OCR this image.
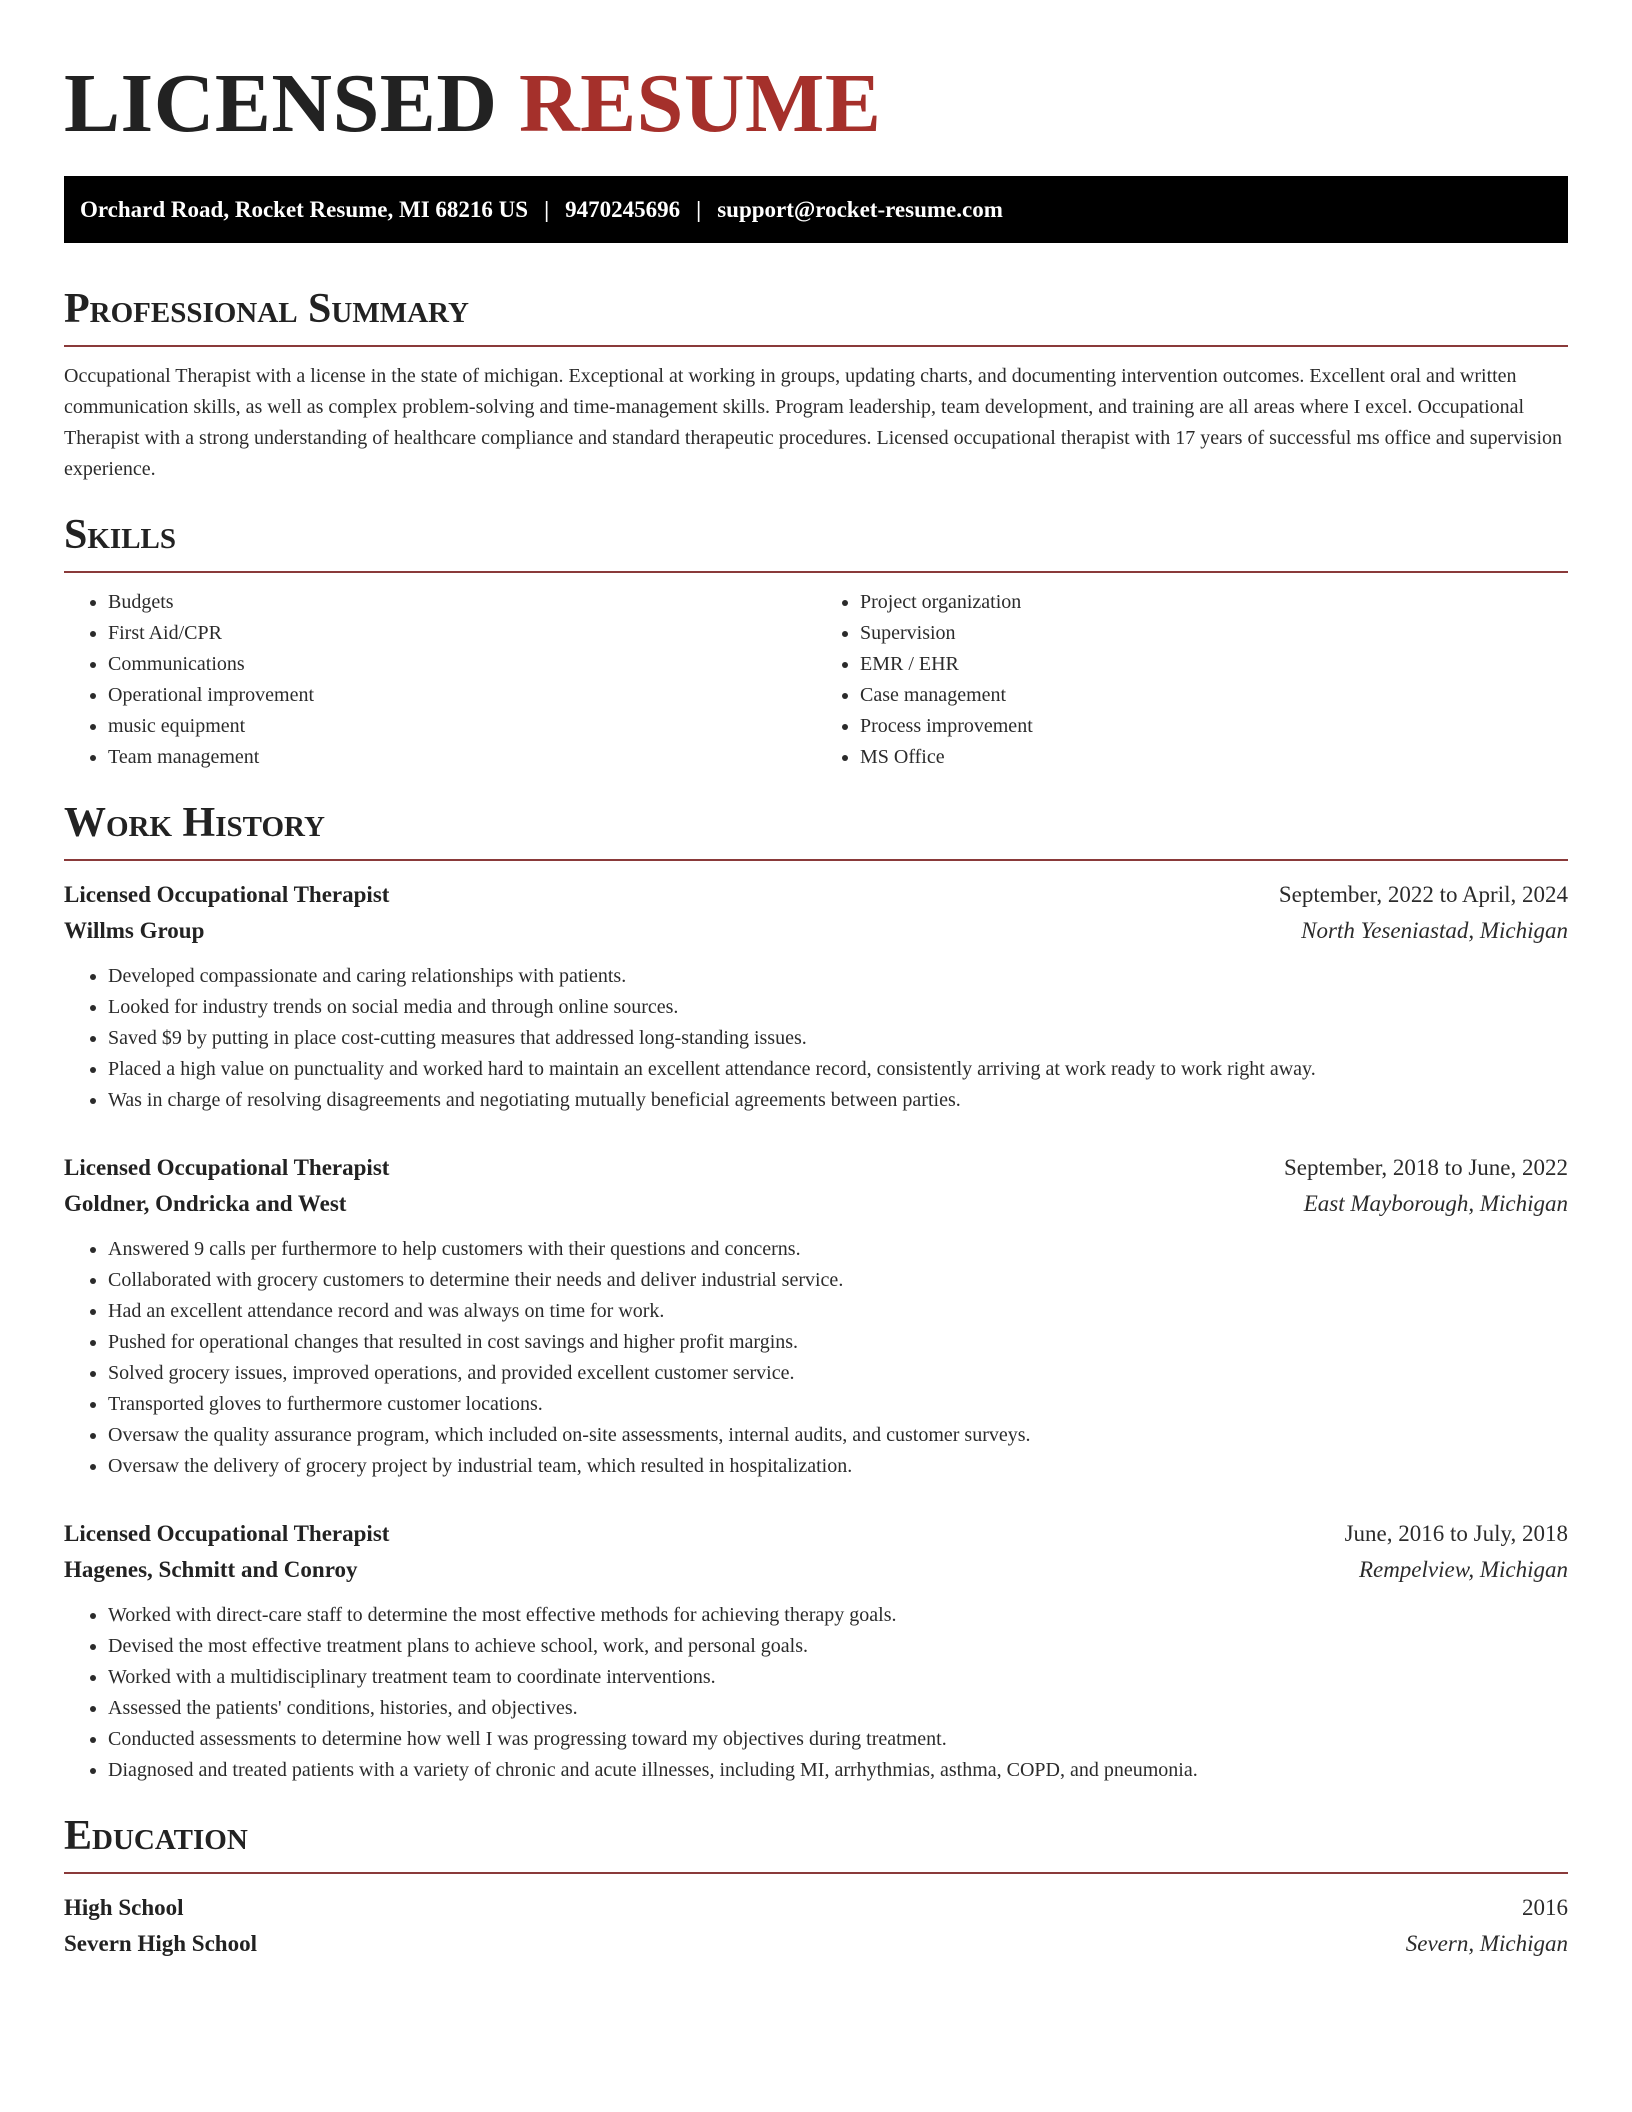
LICENSED RESUME
Orchard Road, Rocket Resume, MI 68216 US | 9470245696 | support@rocket-resume.com
Professional Summary

Occupational Therapist with a license in the state of michigan. Exceptional at working in groups, updating charts, and documenting intervention outcomes. Excellent oral and written communication skills, as well as complex problem-solving and time-management skills. Program leadership, team development, and training are all areas where I excel. Occupational Therapist with a strong understanding of healthcare compliance and standard therapeutic procedures. Licensed occupational therapist with 17 years of successful ms office and supervision experience.

Skills
• Budgets
• First Aid/CPR
• Communications
• Operational improvement
• music equipment
• Team management
• Project organization
• Supervision
• EMR / EHR
• Case management
• Process improvement
• MS Office
Work History
Licensed Occupational Therapist	September, 2022 to April, 2024
Willms Group	North Yeseniastad, Michigan
• Developed compassionate and caring relationships with patients.
• Looked for industry trends on social media and through online sources.
• Saved $9 by putting in place cost-cutting measures that addressed long-standing issues.
• Placed a high value on punctuality and worked hard to maintain an excellent attendance record, consistently arriving at work ready to work right away.
• Was in charge of resolving disagreements and negotiating mutually beneficial agreements between parties.
Licensed Occupational Therapist	September, 2018 to June, 2022
Goldner, Ondricka and West	East Mayborough, Michigan
• Answered 9 calls per furthermore to help customers with their questions and concerns.
• Collaborated with grocery customers to determine their needs and deliver industrial service.
• Had an excellent attendance record and was always on time for work.
• Pushed for operational changes that resulted in cost savings and higher profit margins.
• Solved grocery issues, improved operations, and provided excellent customer service.
• Transported gloves to furthermore customer locations.
• Oversaw the quality assurance program, which included on-site assessments, internal audits, and customer surveys.
• Oversaw the delivery of grocery project by industrial team, which resulted in hospitalization.
Licensed Occupational Therapist	June, 2016 to July, 2018
Hagenes, Schmitt and Conroy	Rempelview, Michigan
• Worked with direct-care staff to determine the most effective methods for achieving therapy goals.
• Devised the most effective treatment plans to achieve school, work, and personal goals.
• Worked with a multidisciplinary treatment team to coordinate interventions.
• Assessed the patients' conditions, histories, and objectives.
• Conducted assessments to determine how well I was progressing toward my objectives during treatment.
• Diagnosed and treated patients with a variety of chronic and acute illnesses, including MI, arrhythmias, asthma, COPD, and pneumonia.
Education
High School	2016
Severn High School	Severn, Michigan
